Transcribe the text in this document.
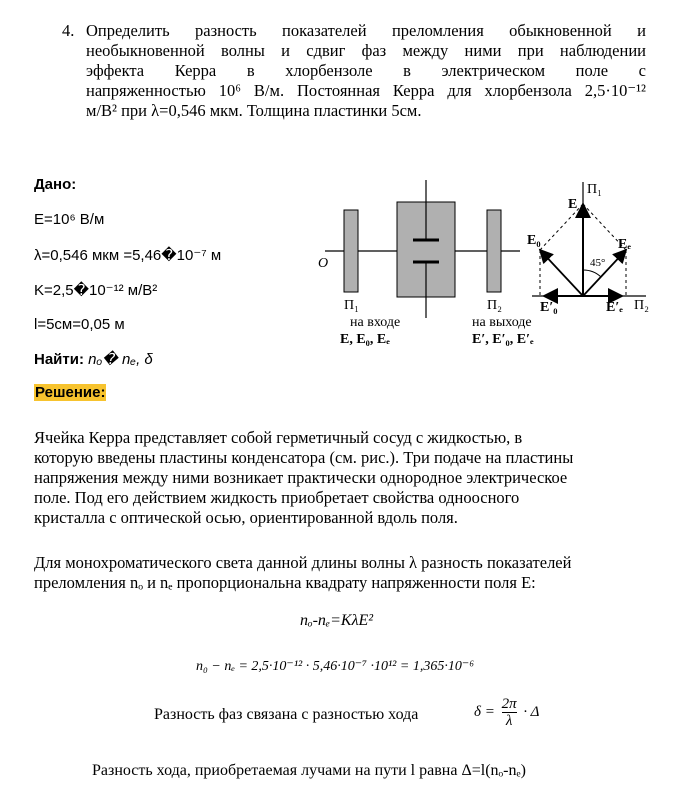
4. Определить разность показателей преломления обыкновенной и
необыкновенной волны и сдвиг фаз между ними при наблюдении
эффекта Керра в хлорбензоле в электрическом поле с
напряженностью 10⁶ В/м. Постоянная Керра для хлорбензола 2,5·10⁻¹²
м/В² при λ=0,546 мкм. Толщина пластинки 5см.
Дано:
E=10⁶ В/м
λ=0,546 мкм =5,46�10⁻⁷ м
K=2,5�10⁻¹² м/В²
l=5см=0,05 м
Найти: nₒ� nₑ, δ
Решение:
O
П₁	П₂
П₁
П₂
E
E₀	Eₑ
45°
E′₀	E′ₑ
на входе
E, E₀, Eₑ
на выходе
E′, E′₀, E′ₑ
Ячейка Керра представляет собой герметичный сосуд с жидкостью, в
которую введены пластины конденсатора (см. рис.). Три подаче на пластины
напряжения между ними возникает практически однородное электрическое
поле. Под его действием жидкость приобретает свойства одноосного
кристалла с оптической осью, ориентированной вдоль поля.
Для монохроматического света данной длины волны λ разность показателей
преломления nₒ и nₑ пропорциональна квадрату напряженности поля E:
nₒ-nₑ=KλE²
n₀ − nₑ = 2,5·10⁻¹² · 5,46·10⁻⁷ ·10¹² = 1,365·10⁻⁶
Разность фаз связана с разностью хода	$\delta = \frac{2\pi}{\lambda} \cdot \Delta$
Разность хода, приобретаемая лучами на пути l равна Δ=l(nₒ-nₑ)
